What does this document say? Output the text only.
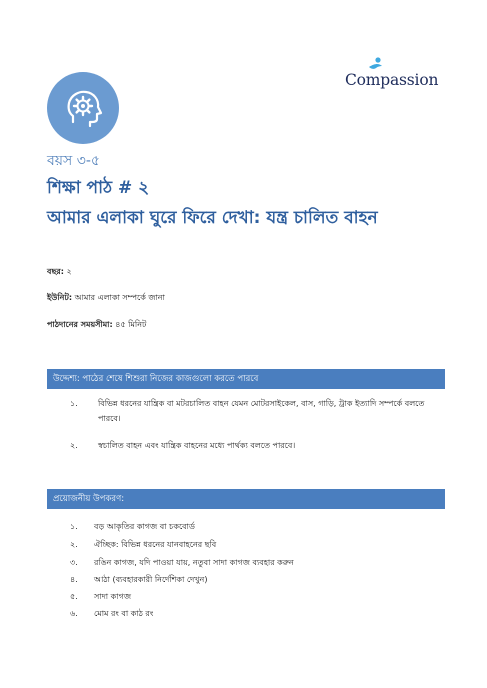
Compassion
বয়স ৩-৫
শিক্ষা পাঠ # ২
আমার এলাকা ঘুরে ফিরে দেখা: যন্ত্র চালিত বাহন
বছর: ২
ইউনিট: আমার এলাকা সম্পর্কে জানা
পাঠদানের সময়সীমা: ৪৫ মিনিট
উদ্দেশ্য: পাঠের শেষে শিশুরা নিজের কাজগুলো করতে পারবে
১.	বিভিন্ন ধরনের যান্ত্রিক বা মটরচালিত বাহন যেমন মোটরসাইকেল, বাস, গাড়ি, ট্রাক ইত্যাদি সম্পর্কে বলতে পারবে।
২.	স্বচালিত বাহন এবং যান্ত্রিক বাহনের মধ্যে পার্থক্য বলতে পারবে।
প্রয়োজনীয় উপকরণ:
১.	বড় আকৃতির কাগজ বা চকবোর্ড
২.	ঐচ্ছিক: বিভিন্ন ধরনের যানবাহনের ছবি
৩.	রঙিন কাগজ, যদি পাওয়া যায়, নতুবা সাদা কাগজ ব্যবহার করুন
৪.	আঠা (ব্যবহারকারী নির্দেশিকা দেখুন)
৫.	সাদা কাগজ
৬.	মোম রং বা কাঠ রং
